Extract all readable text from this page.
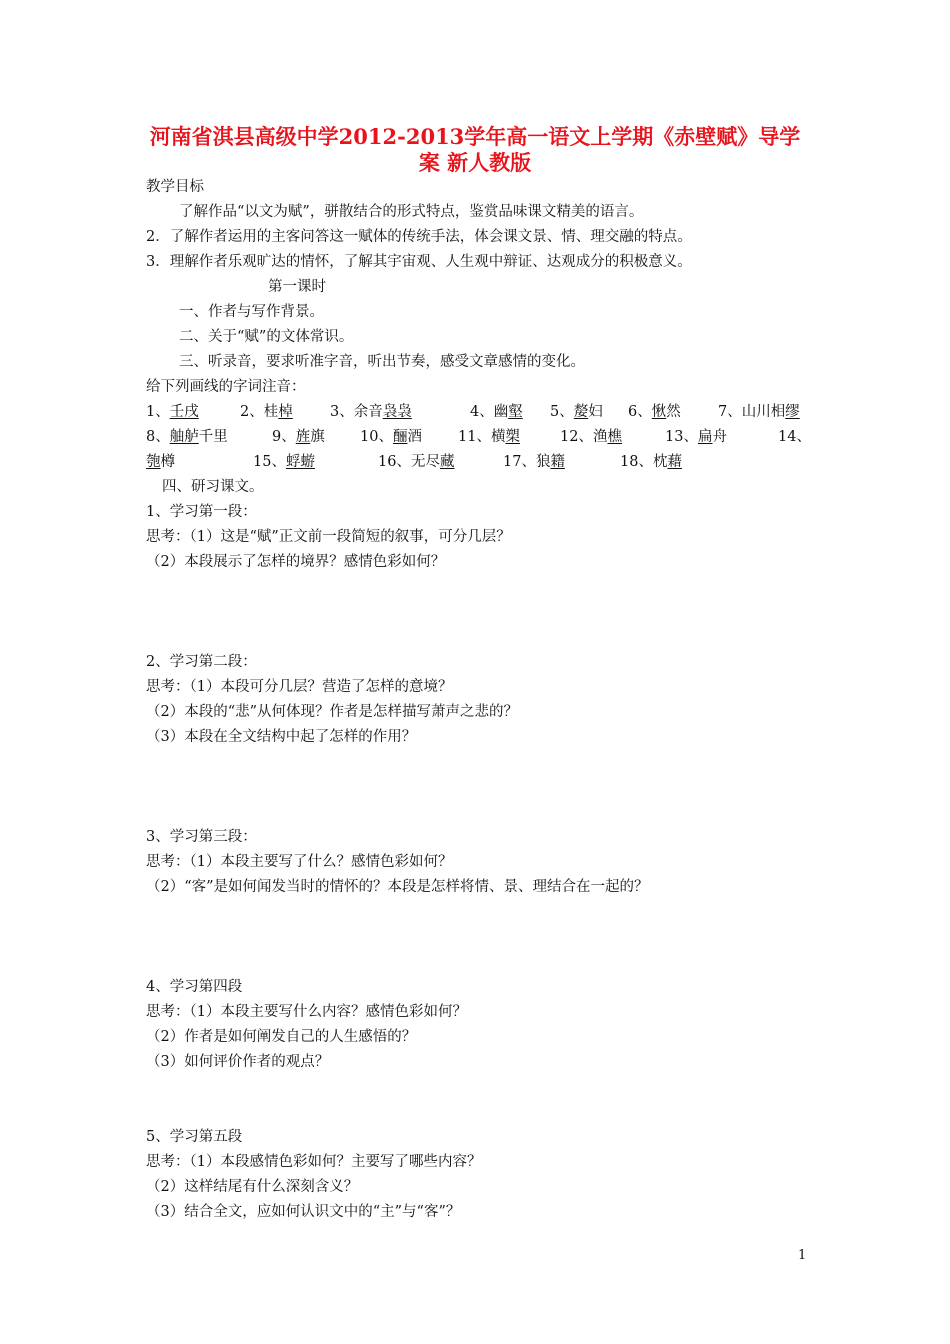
河南省淇县高级中学2012-2013学年高一语文上学期《赤壁赋》导学
案 新人教版
教学目标
了解作品“以文为赋”，骈散结合的形式特点，鉴赏品味课文精美的语言。
2．了解作者运用的主客问答这一赋体的传统手法，体会课文景、情、理交融的特点。
3．理解作者乐观旷达的情怀，了解其宇宙观、人生观中辩证、达观成分的积极意义。
第一课时
一、作者与写作背景。
二、关于“赋”的文体常识。
三、听录音，要求听准字音，听出节奏，感受文章感情的变化。
给下列画线的字词注音：
1、壬戌	2、桂棹	3、余音袅袅	4、幽壑 5、嫠妇 6、愀然	7、山川相缪
8、舳舻千里	9、旌旗 10、酾酒 11、横槊	12、渔樵	13、扁舟	14、
匏樽	15、蜉蝣	16、无尽藏	17、狼籍	18、枕藉
四、研习课文。
1、学习第一段：
思考：（1）这是“赋”正文前一段简短的叙事，可分几层？
（2）本段展示了怎样的境界？感情色彩如何？
2、学习第二段：
思考：（1）本段可分几层？营造了怎样的意境？
（2）本段的“悲”从何体现？作者是怎样描写萧声之悲的？
（3）本段在全文结构中起了怎样的作用？
3、学习第三段：
思考：（1）本段主要写了什么？感情色彩如何？
（2）“客”是如何闻发当时的情怀的？本段是怎样将情、景、理结合在一起的？
4、学习第四段
思考：（1）本段主要写什么内容？感情色彩如何？
（2）作者是如何阐发自己的人生感悟的？
（3）如何评价作者的观点？
5、学习第五段
思考：（1）本段感情色彩如何？主要写了哪些内容？
（2）这样结尾有什么深刻含义？
（3）结合全文，应如何认识文中的“主”与“客”？
1
